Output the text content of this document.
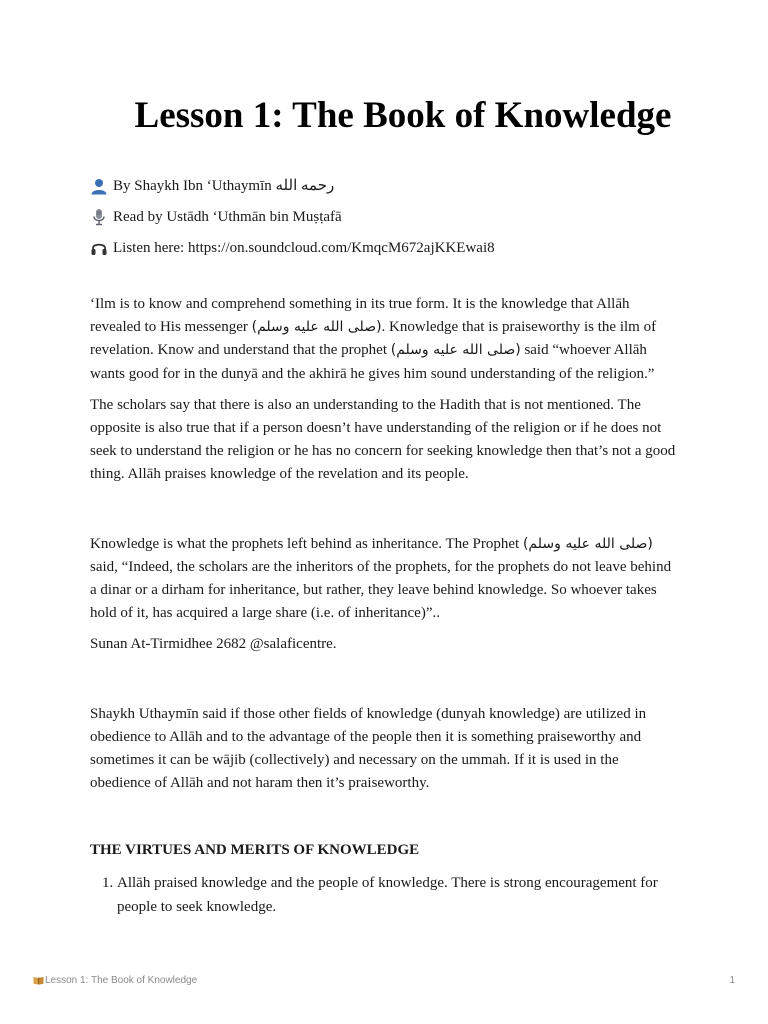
Lesson 1: The Book of Knowledge
By Shaykh Ibn ‘Uthaymīn رحمه الله
Read by Ustādh ‘Uthmān bin Muṣṭafā
Listen here: https://on.soundcloud.com/KmqcM672ajKKEwai8

‘Ilm is to know and comprehend something in its true form. It is the knowledge that Allāh revealed to His messenger (صلى الله عليه وسلم). Knowledge that is praiseworthy is the ilm of revelation. Know and understand that the prophet (صلى الله عليه وسلم) said “whoever Allāh wants good for in the dunyā and the akhirā he gives him sound understanding of the religion.”

The scholars say that there is also an understanding to the Hadith that is not mentioned. The opposite is also true that if a person doesn’t have understanding of the religion or if he does not seek to understand the religion or he has no concern for seeking knowledge then that’s not a good thing. Allāh praises knowledge of the revelation and its people.

Knowledge is what the prophets left behind as inheritance. The Prophet (صلى الله عليه وسلم) said, “Indeed, the scholars are the inheritors of the prophets, for the prophets do not leave behind a dinar or a dirham for inheritance, but rather, they leave behind knowledge. So whoever takes hold of it, has acquired a large share (i.e. of inheritance)”..

Sunan At-Tirmidhee 2682 @salaficentre.

Shaykh Uthaymīn said if those other fields of knowledge (dunyah knowledge) are utilized in obedience to Allāh and to the advantage of the people then it is something praiseworthy and sometimes it can be wājib (collectively) and necessary on the ummah. If it is used in the obedience of Allāh and not haram then it’s praiseworthy.

THE VIRTUES AND MERITS OF KNOWLEDGE
1. Allāh praised knowledge and the people of knowledge. There is strong encouragement for people to seek knowledge.
Lesson 1: The Book of Knowledge	1
